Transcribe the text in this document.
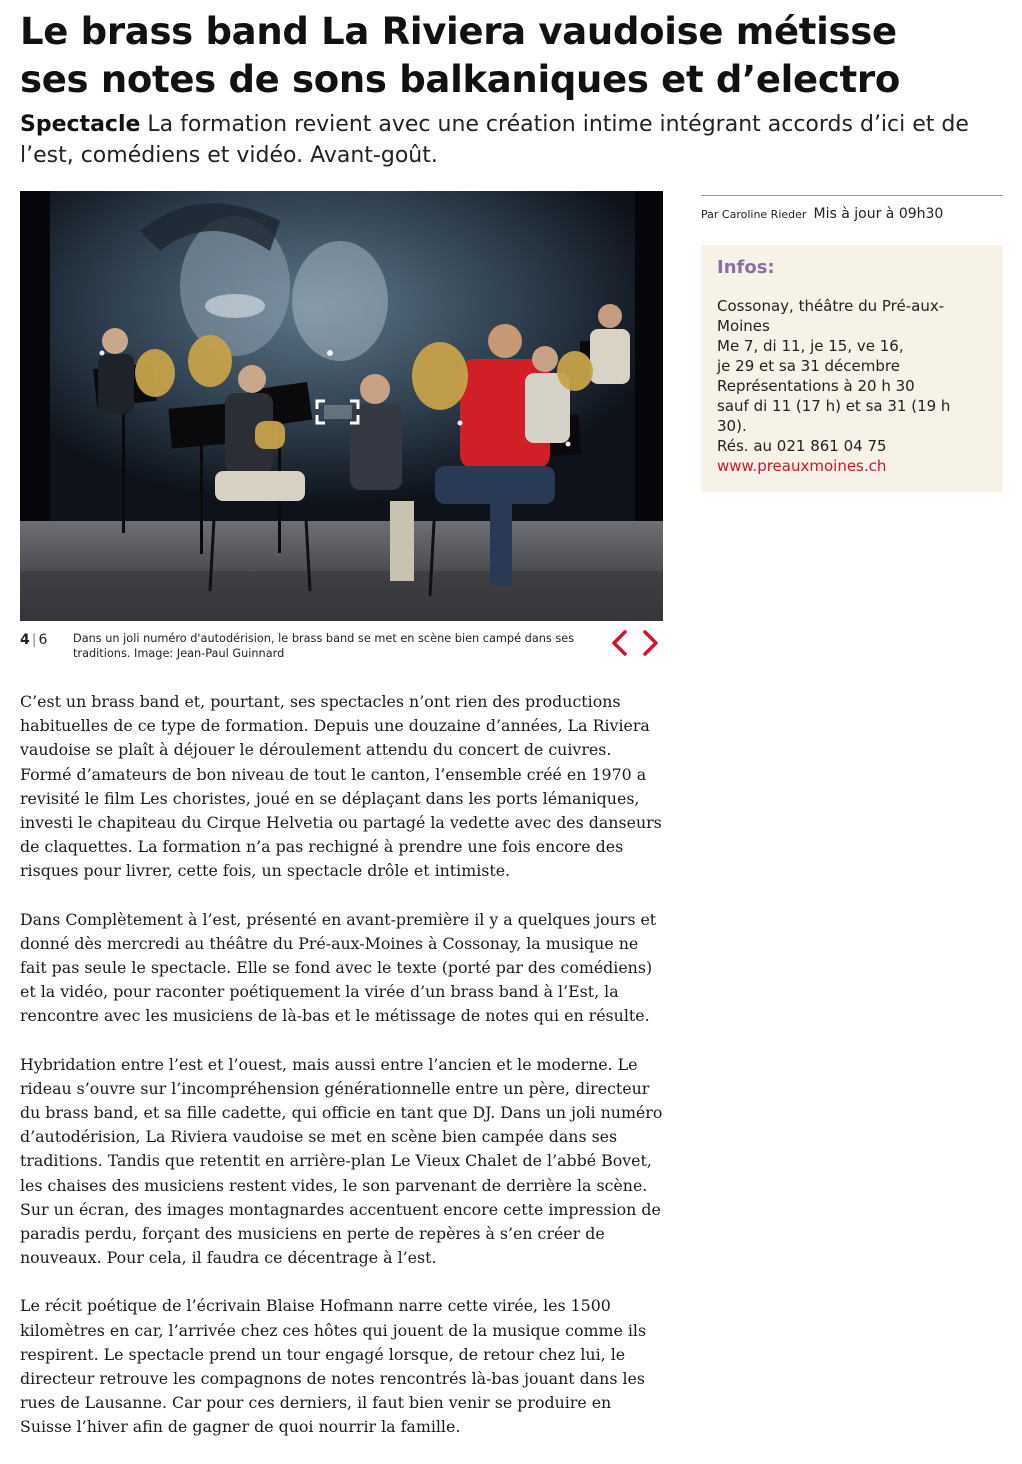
Le brass band La Riviera vaudoise métisse
ses notes de sons balkaniques et d’electro

Spectacle La formation revient avec une création intime intégrant accords d’ici et de l’est, comédiens et vidéo. Avant-goût.

4 | 6 Dans un joli numéro d'autodérision, le brass band se met en scène bien campé dans ses traditions. Image: Jean-Paul Guinnard
Par Caroline Rieder Mis à jour à 09h30
Infos:
Cossonay, théâtre du Pré-aux-
Moines
Me 7, di 11, je 15, ve 16,
je 29 et sa 31 décembre
Représentations à 20 h 30
sauf di 11 (17 h) et sa 31 (19 h
30).
Rés. au 021 861 04 75
www.preauxmoines.ch

C’est un brass band et, pourtant, ses spectacles n’ont rien des productions habituelles de ce type de formation. Depuis une douzaine d’années, La Riviera vaudoise se plaît à déjouer le déroulement attendu du concert de cuivres. Formé d’amateurs de bon niveau de tout le canton, l’ensemble créé en 1970 a revisité le film Les choristes, joué en se déplaçant dans les ports lémaniques, investi le chapiteau du Cirque Helvetia ou partagé la vedette avec des danseurs de claquettes. La formation n’a pas rechigné à prendre une fois encore des risques pour livrer, cette fois, un spectacle drôle et intimiste.

Dans Complètement à l’est, présenté en avant-première il y a quelques jours et donné dès mercredi au théâtre du Pré-aux-Moines à Cossonay, la musique ne fait pas seule le spectacle. Elle se fond avec le texte (porté par des comédiens) et la vidéo, pour raconter poétiquement la virée d’un brass band à l’Est, la rencontre avec les musiciens de là-bas et le métissage de notes qui en résulte.

Hybridation entre l’est et l’ouest, mais aussi entre l’ancien et le moderne. Le rideau s’ouvre sur l’incompréhension générationnelle entre un père, directeur du brass band, et sa fille cadette, qui officie en tant que DJ. Dans un joli numéro d’autodérision, La Riviera vaudoise se met en scène bien campée dans ses traditions. Tandis que retentit en arrière-plan Le Vieux Chalet de l’abbé Bovet, les chaises des musiciens restent vides, le son parvenant de derrière la scène. Sur un écran, des images montagnardes accentuent encore cette impression de paradis perdu, forçant des musiciens en perte de repères à s’en créer de nouveaux. Pour cela, il faudra ce décentrage à l’est.

Le récit poétique de l’écrivain Blaise Hofmann narre cette virée, les 1500 kilomètres en car, l’arrivée chez ces hôtes qui jouent de la musique comme ils respirent. Le spectacle prend un tour engagé lorsque, de retour chez lui, le directeur retrouve les compagnons de notes rencontrés là-bas jouant dans les rues de Lausanne. Car pour ces derniers, il faut bien venir se produire en Suisse l’hiver afin de gagner de quoi nourrir la famille.
